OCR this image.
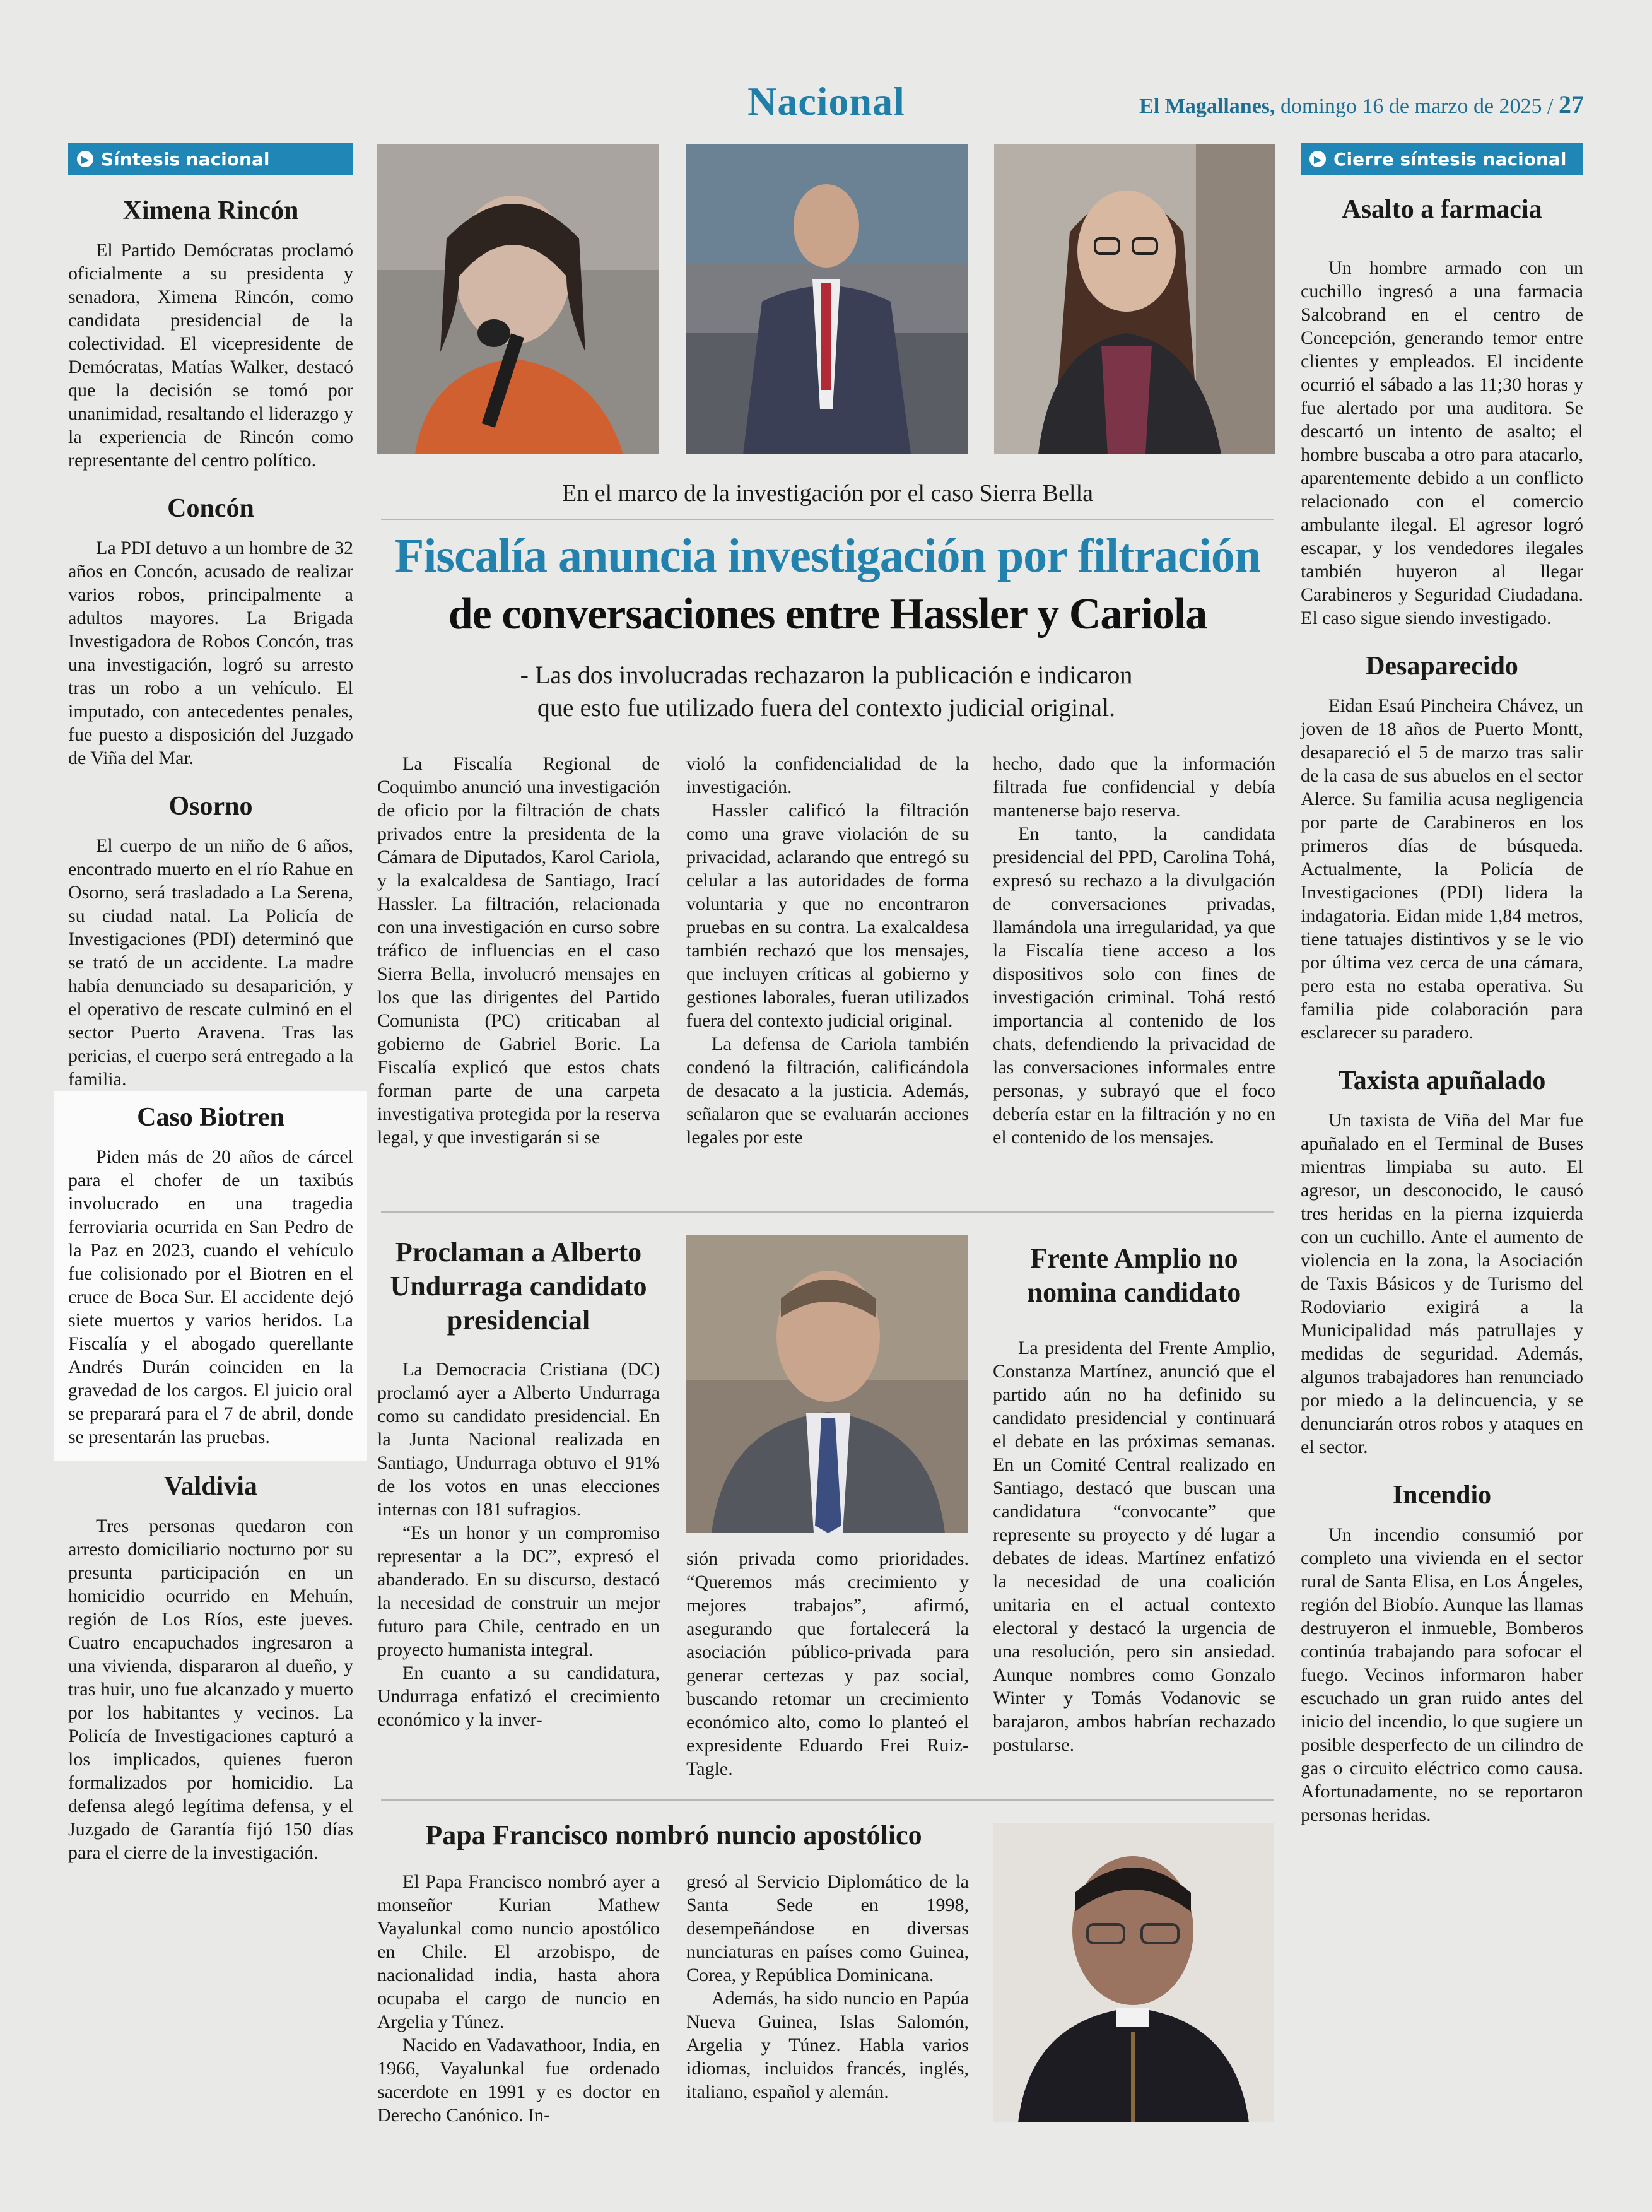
Nacional	El Magallanes, domingo 16 de marzo de 2025 / 27
▶ Síntesis nacional
Ximena Rincón

El Partido Demócratas proclamó oficialmente a su presidenta y senadora, Ximena Rincón, como candidata presidencial de la colectividad. El vicepresidente de Demócratas, Matías Walker, destacó que la decisión se tomó por unanimidad, resaltando el liderazgo y la experiencia de Rincón como representante del centro político.

Concón

La PDI detuvo a un hombre de 32 años en Concón, acusado de realizar varios robos, principalmente a adultos mayores. La Brigada Investigadora de Robos Concón, tras una investigación, logró su arresto tras un robo a un vehículo. El imputado, con antecedentes penales, fue puesto a disposición del Juzgado de Viña del Mar.

Osorno

El cuerpo de un niño de 6 años, encontrado muerto en el río Rahue en Osorno, será trasladado a La Serena, su ciudad natal. La Policía de Investigaciones (PDI) determinó que se trató de un accidente. La madre había denunciado su desaparición, y el operativo de rescate culminó en el sector Puerto Aravena. Tras las pericias, el cuerpo será entregado a la familia.

Caso Biotren

Piden más de 20 años de cárcel para el chofer de un taxibús involucrado en una tragedia ferroviaria ocurrida en San Pedro de la Paz en 2023, cuando el vehículo fue colisionado por el Biotren en el cruce de Boca Sur. El accidente dejó siete muertos y varios heridos. La Fiscalía y el abogado querellante Andrés Durán coinciden en la gravedad de los cargos. El juicio oral se preparará para el 7 de abril, donde se presentarán las pruebas.

Valdivia

Tres personas quedaron con arresto domiciliario nocturno por su presunta participación en un homicidio ocurrido en Mehuín, región de Los Ríos, este jueves. Cuatro encapuchados ingresaron a una vivienda, dispararon al dueño, y tras huir, uno fue alcanzado y muerto por los habitantes y vecinos. La Policía de Investigaciones capturó a los implicados, quienes fueron formalizados por homicidio. La defensa alegó legítima defensa, y el Juzgado de Garantía fijó 150 días para el cierre de la investigación.

▶ Cierre síntesis nacional
Asalto a farmacia

Un hombre armado con un cuchillo ingresó a una farmacia Salcobrand en el centro de Concepción, generando temor entre clientes y empleados. El incidente ocurrió el sábado a las 11;30 horas y fue alertado por una auditora. Se descartó un intento de asalto; el hombre buscaba a otro para atacarlo, aparentemente debido a un conflicto relacionado con el comercio ambulante ilegal. El agresor logró escapar, y los vendedores ilegales también huyeron al llegar Carabineros y Seguridad Ciudadana. El caso sigue siendo investigado.

Desaparecido

Eidan Esaú Pincheira Chávez, un joven de 18 años de Puerto Montt, desapareció el 5 de marzo tras salir de la casa de sus abuelos en el sector Alerce. Su familia acusa negligencia por parte de Carabineros en los primeros días de búsqueda. Actualmente, la Policía de Investigaciones (PDI) lidera la indagatoria. Eidan mide 1,84 metros, tiene tatuajes distintivos y se le vio por última vez cerca de una cámara, pero esta no estaba operativa. Su familia pide colaboración para esclarecer su paradero.

Taxista apuñalado

Un taxista de Viña del Mar fue apuñalado en el Terminal de Buses mientras limpiaba su auto. El agresor, un desconocido, le causó tres heridas en la pierna izquierda con un cuchillo. Ante el aumento de violencia en la zona, la Asociación de Taxis Básicos y de Turismo del Rodoviario exigirá a la Municipalidad más patrullajes y medidas de seguridad. Además, algunos trabajadores han renunciado por miedo a la delincuencia, y se denunciarán otros robos y ataques en el sector.

Incendio

Un incendio consumió por completo una vivienda en el sector rural de Santa Elisa, en Los Ángeles, región del Biobío. Aunque las llamas destruyeron el inmueble, Bomberos continúa trabajando para sofocar el fuego. Vecinos informaron haber escuchado un gran ruido antes del inicio del incendio, lo que sugiere un posible desperfecto de un cilindro de gas o circuito eléctrico como causa. Afortunadamente, no se reportaron personas heridas.

En el marco de la investigación por el caso Sierra Bella
Fiscalía anuncia investigación por filtración
de conversaciones entre Hassler y Cariola
- Las dos involucradas rechazaron la publicación e indicaron
que esto fue utilizado fuera del contexto judicial original.

La Fiscalía Regional de Coquimbo anunció una investigación de oficio por la filtración de chats privados entre la presidenta de la Cámara de Diputados, Karol Cariola, y la exalcaldesa de Santiago, Irací Hassler. La filtración, relacionada con una investigación en curso sobre tráfico de influencias en el caso Sierra Bella, involucró mensajes en los que las dirigentes del Partido Comunista (PC) criticaban al gobierno de Gabriel Boric. La Fiscalía explicó que estos chats forman parte de una carpeta investigativa protegida por la reserva legal, y que investigarán si se

violó la confidencialidad de la investigación.

Hassler calificó la filtración como una grave violación de su privacidad, aclarando que entregó su celular a las autoridades de forma voluntaria y que no encontraron pruebas en su contra. La exalcaldesa también rechazó que los mensajes, que incluyen críticas al gobierno y gestiones laborales, fueran utilizados fuera del contexto judicial original.

La defensa de Cariola también condenó la filtración, calificándola de desacato a la justicia. Además, señalaron que se evaluarán acciones legales por este

hecho, dado que la información filtrada fue confidencial y debía mantenerse bajo reserva.

En tanto, la candidata presidencial del PPD, Carolina Tohá, expresó su rechazo a la divulgación de conversaciones privadas, llamándola una irregularidad, ya que la Fiscalía tiene acceso a los dispositivos solo con fines de investigación criminal. Tohá restó importancia al contenido de los chats, defendiendo la privacidad de las conversaciones informales entre personas, y subrayó que el foco debería estar en la filtración y no en el contenido de los mensajes.

Proclaman a Alberto Undurraga candidato presidencial

La Democracia Cristiana (DC) proclamó ayer a Alberto Undurraga como su candidato presidencial. En la Junta Nacional realizada en Santiago, Undurraga obtuvo el 91% de los votos en unas elecciones internas con 181 sufragios.

“Es un honor y un compromiso representar a la DC”, expresó el abanderado. En su discurso, destacó la necesidad de construir un mejor futuro para Chile, centrado en un proyecto humanista integral.

En cuanto a su candidatura, Undurraga enfatizó el crecimiento económico y la inver-

sión privada como prioridades. “Queremos más crecimiento y mejores trabajos”, afirmó, asegurando que fortalecerá la asociación público-privada para generar certezas y paz social, buscando retomar un crecimiento económico alto, como lo planteó el expresidente Eduardo Frei Ruiz-Tagle.

Frente Amplio no nomina candidato

La presidenta del Frente Amplio, Constanza Martínez, anunció que el partido aún no ha definido su candidato presidencial y continuará el debate en las próximas semanas. En un Comité Central realizado en Santiago, destacó que buscan una candidatura “convocante” que represente su proyecto y dé lugar a debates de ideas. Martínez enfatizó la necesidad de una coalición unitaria en el actual contexto electoral y destacó la urgencia de una resolución, pero sin ansiedad. Aunque nombres como Gonzalo Winter y Tomás Vodanovic se barajaron, ambos habrían rechazado postularse.

Papa Francisco nombró nuncio apostólico

El Papa Francisco nombró ayer a monseñor Kurian Mathew Vayalunkal como nuncio apostólico en Chile. El arzobispo, de nacionalidad india, hasta ahora ocupaba el cargo de nuncio en Argelia y Túnez.

Nacido en Vadavathoor, India, en 1966, Vayalunkal fue ordenado sacerdote en 1991 y es doctor en Derecho Canónico. In-

gresó al Servicio Diplomático de la Santa Sede en 1998, desempeñándose en diversas nunciaturas en países como Guinea, Corea, y República Dominicana.

Además, ha sido nuncio en Papúa Nueva Guinea, Islas Salomón, Argelia y Túnez. Habla varios idiomas, incluidos francés, inglés, italiano, español y alemán.
